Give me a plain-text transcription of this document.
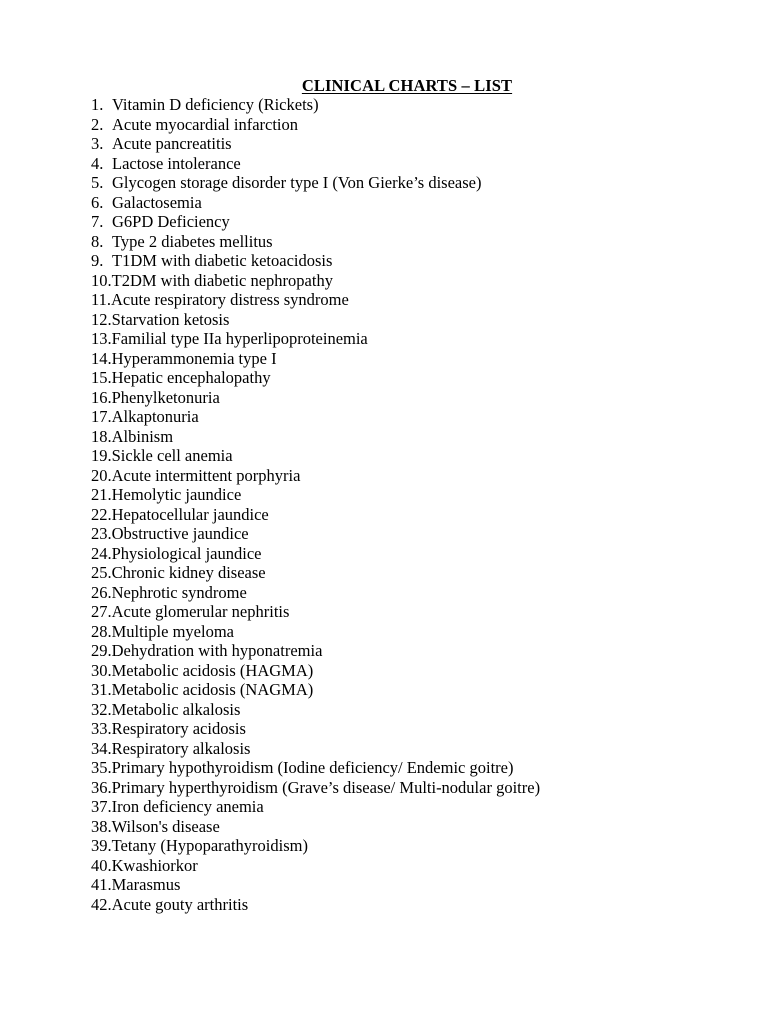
CLINICAL CHARTS – LIST
1. Vitamin D deficiency (Rickets)
2. Acute myocardial infarction
3. Acute pancreatitis
4. Lactose intolerance
5. Glycogen storage disorder type I (Von Gierke’s disease)
6. Galactosemia
7. G6PD Deficiency
8. Type 2 diabetes mellitus
9. T1DM with diabetic ketoacidosis
10.T2DM with diabetic nephropathy
11.Acute respiratory distress syndrome
12.Starvation ketosis
13.Familial type IIa hyperlipoproteinemia
14.Hyperammonemia type I
15.Hepatic encephalopathy
16.Phenylketonuria
17.Alkaptonuria
18.Albinism
19.Sickle cell anemia
20.Acute intermittent porphyria
21.Hemolytic jaundice
22.Hepatocellular jaundice
23.Obstructive jaundice
24.Physiological jaundice
25.Chronic kidney disease
26.Nephrotic syndrome
27.Acute glomerular nephritis
28.Multiple myeloma
29.Dehydration with hyponatremia
30.Metabolic acidosis (HAGMA)
31.Metabolic acidosis (NAGMA)
32.Metabolic alkalosis
33.Respiratory acidosis
34.Respiratory alkalosis
35.Primary hypothyroidism (Iodine deficiency/ Endemic goitre)
36.Primary hyperthyroidism (Grave’s disease/ Multi-nodular goitre)
37.Iron deficiency anemia
38.Wilson's disease
39.Tetany (Hypoparathyroidism)
40.Kwashiorkor
41.Marasmus
42.Acute gouty arthritis
